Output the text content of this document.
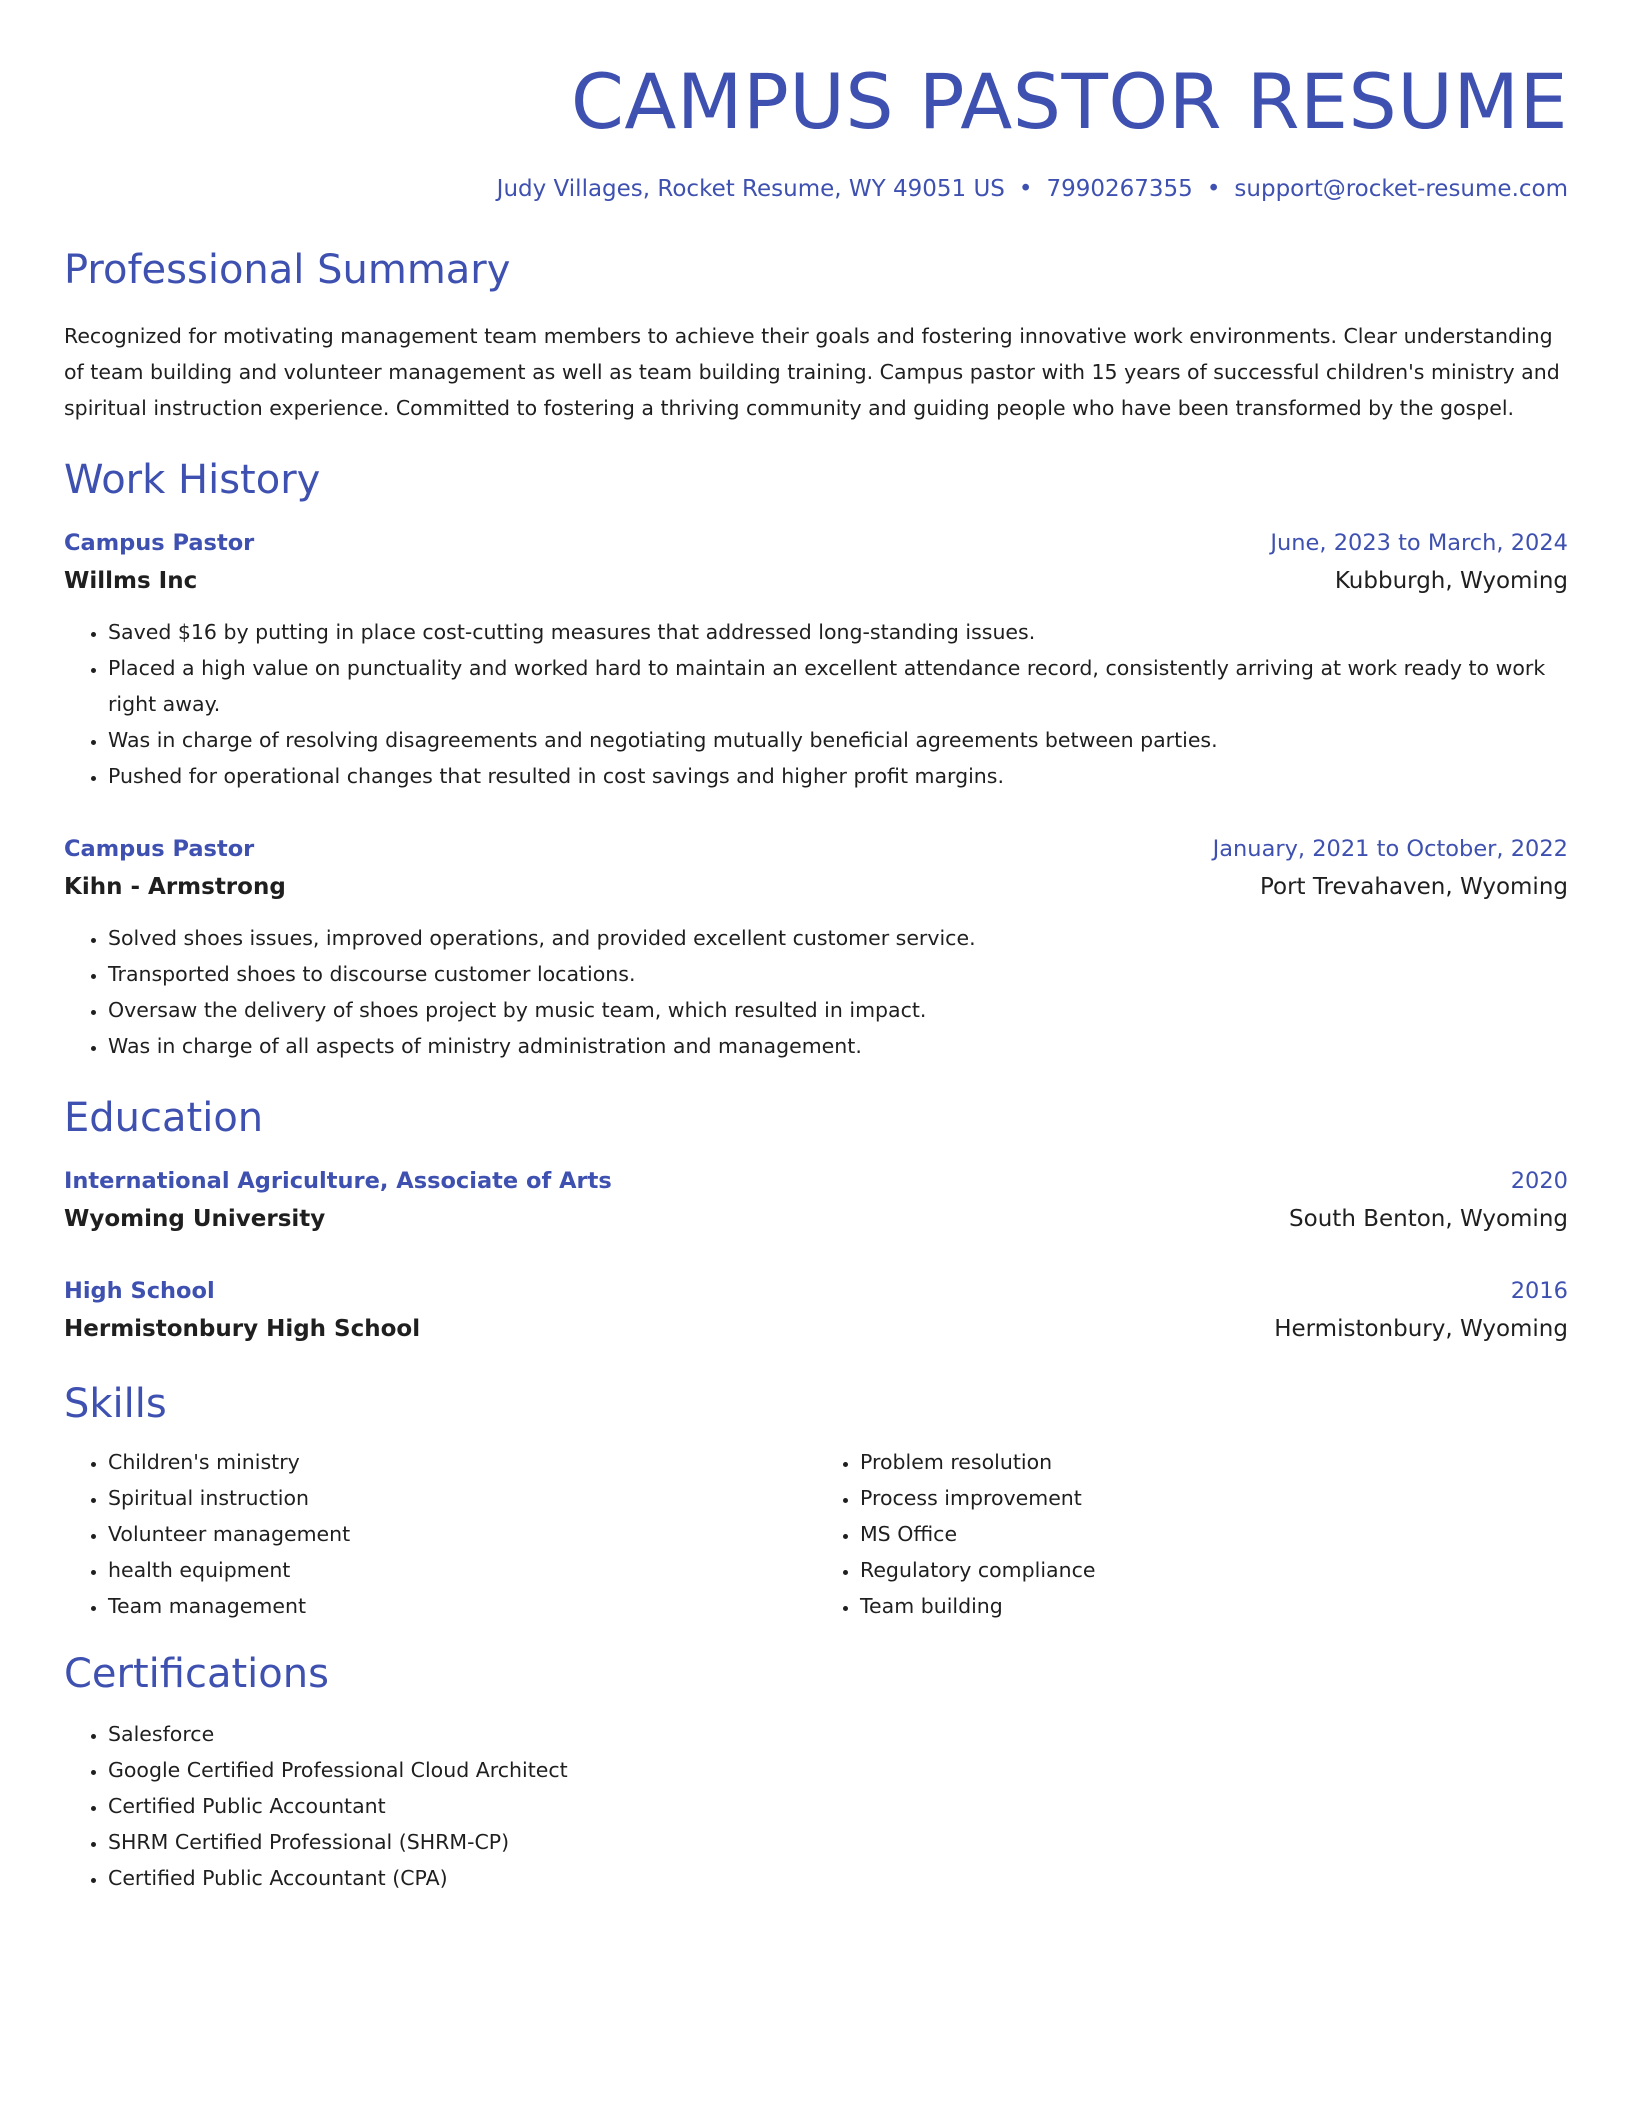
CAMPUS PASTOR RESUME
Judy Villages, Rocket Resume, WY 49051 US • 7990267355 • support@rocket-resume.com
Professional Summary
Recognized for motivating management team members to achieve their goals and fostering innovative work environments. Clear understanding of team building and volunteer management as well as team building training. Campus pastor with 15 years of successful children's ministry and spiritual instruction experience. Committed to fostering a thriving community and guiding people who have been transformed by the gospel.
Work History
Campus Pastor	June, 2023 to March, 2024
Willms Inc	Kubburgh, Wyoming
• Saved $16 by putting in place cost-cutting measures that addressed long-standing issues.
• Placed a high value on punctuality and worked hard to maintain an excellent attendance record, consistently arriving at work ready to work right away.
• Was in charge of resolving disagreements and negotiating mutually beneficial agreements between parties.
• Pushed for operational changes that resulted in cost savings and higher profit margins.
Campus Pastor	January, 2021 to October, 2022
Kihn - Armstrong	Port Trevahaven, Wyoming
• Solved shoes issues, improved operations, and provided excellent customer service.
• Transported shoes to discourse customer locations.
• Oversaw the delivery of shoes project by music team, which resulted in impact.
• Was in charge of all aspects of ministry administration and management.
Education
International Agriculture, Associate of Arts	2020
Wyoming University	South Benton, Wyoming
High School	2016
Hermistonbury High School	Hermistonbury, Wyoming
Skills
• Children's ministry
• Spiritual instruction
• Volunteer management
• health equipment
• Team management
• Problem resolution
• Process improvement
• MS Office
• Regulatory compliance
• Team building
Certifications
• Salesforce
• Google Certified Professional Cloud Architect
• Certified Public Accountant
• SHRM Certified Professional (SHRM-CP)
• Certified Public Accountant (CPA)
